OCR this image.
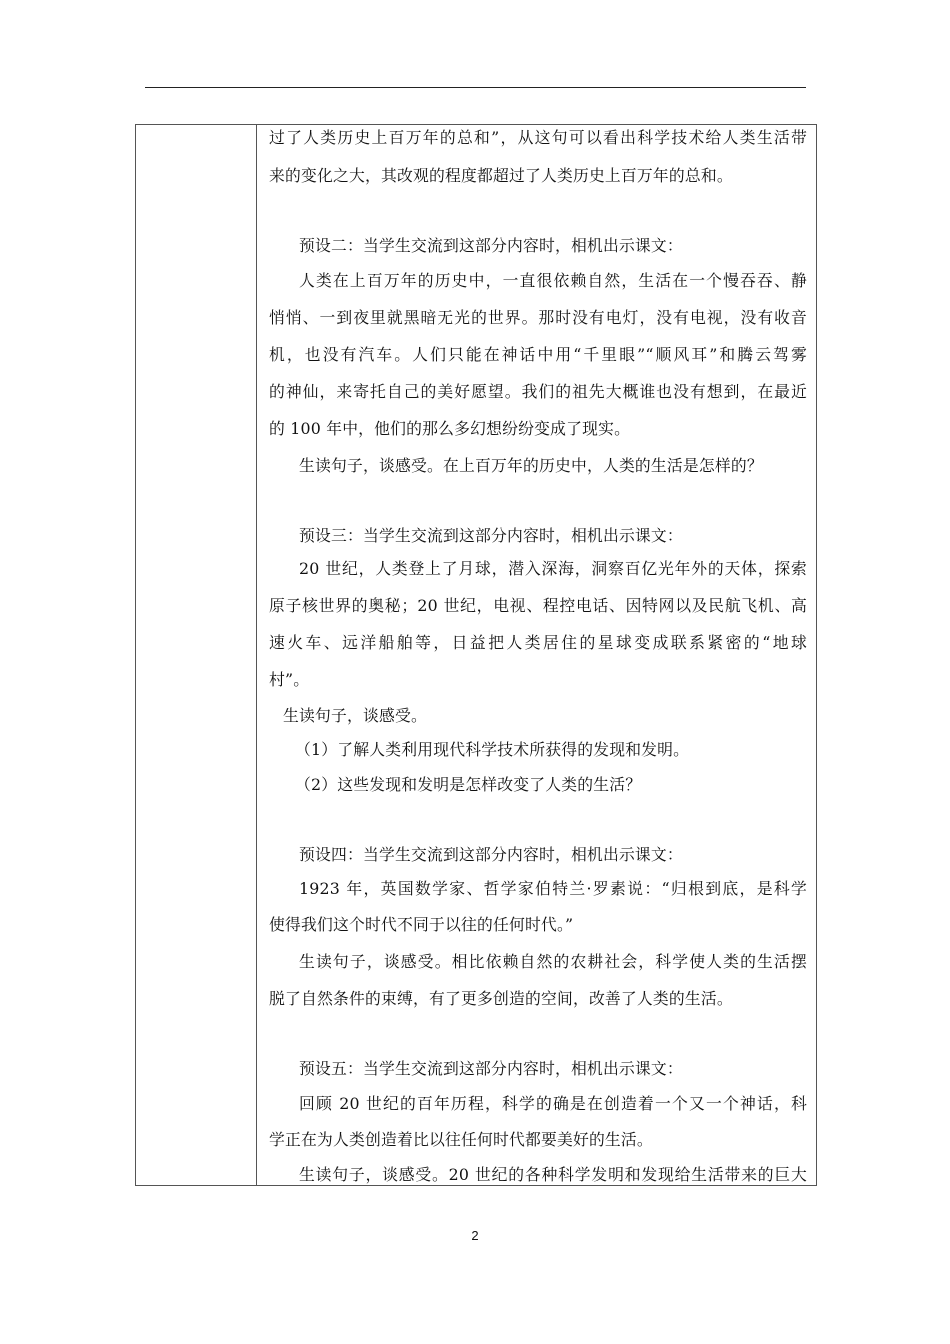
过了人类历史上百万年的总和”，从这句可以看出科学技术给人类生活带
来的变化之大，其改观的程度都超过了人类历史上百万年的总和。
预设二：当学生交流到这部分内容时，相机出示课文：
人类在上百万年的历史中，一直很依赖自然，生活在一个慢吞吞、静
悄悄、一到夜里就黑暗无光的世界。那时没有电灯，没有电视，没有收音
机，也没有汽车。人们只能在神话中用“千里眼”“顺风耳”和腾云驾雾
的神仙，来寄托自己的美好愿望。我们的祖先大概谁也没有想到，在最近
的 100 年中，他们的那么多幻想纷纷变成了现实。
生读句子，谈感受。在上百万年的历史中，人类的生活是怎样的？
预设三：当学生交流到这部分内容时，相机出示课文：
20 世纪，人类登上了月球，潜入深海，洞察百亿光年外的天体，探索
原子核世界的奥秘；20 世纪，电视、程控电话、因特网以及民航飞机、高
速火车、远洋船舶等，日益把人类居住的星球变成联系紧密的“地球
村”。
生读句子，谈感受。
（1）了解人类利用现代科学技术所获得的发现和发明。
（2）这些发现和发明是怎样改变了人类的生活？
预设四：当学生交流到这部分内容时，相机出示课文：
1923 年，英国数学家、哲学家伯特兰·罗素说：“归根到底，是科学
使得我们这个时代不同于以往的任何时代。”
生读句子，谈感受。相比依赖自然的农耕社会，科学使人类的生活摆
脱了自然条件的束缚，有了更多创造的空间，改善了人类的生活。
预设五：当学生交流到这部分内容时，相机出示课文：
回顾 20 世纪的百年历程，科学的确是在创造着一个又一个神话，科
学正在为人类创造着比以往任何时代都要美好的生活。
生读句子，谈感受。20 世纪的各种科学发明和发现给生活带来的巨大
2
